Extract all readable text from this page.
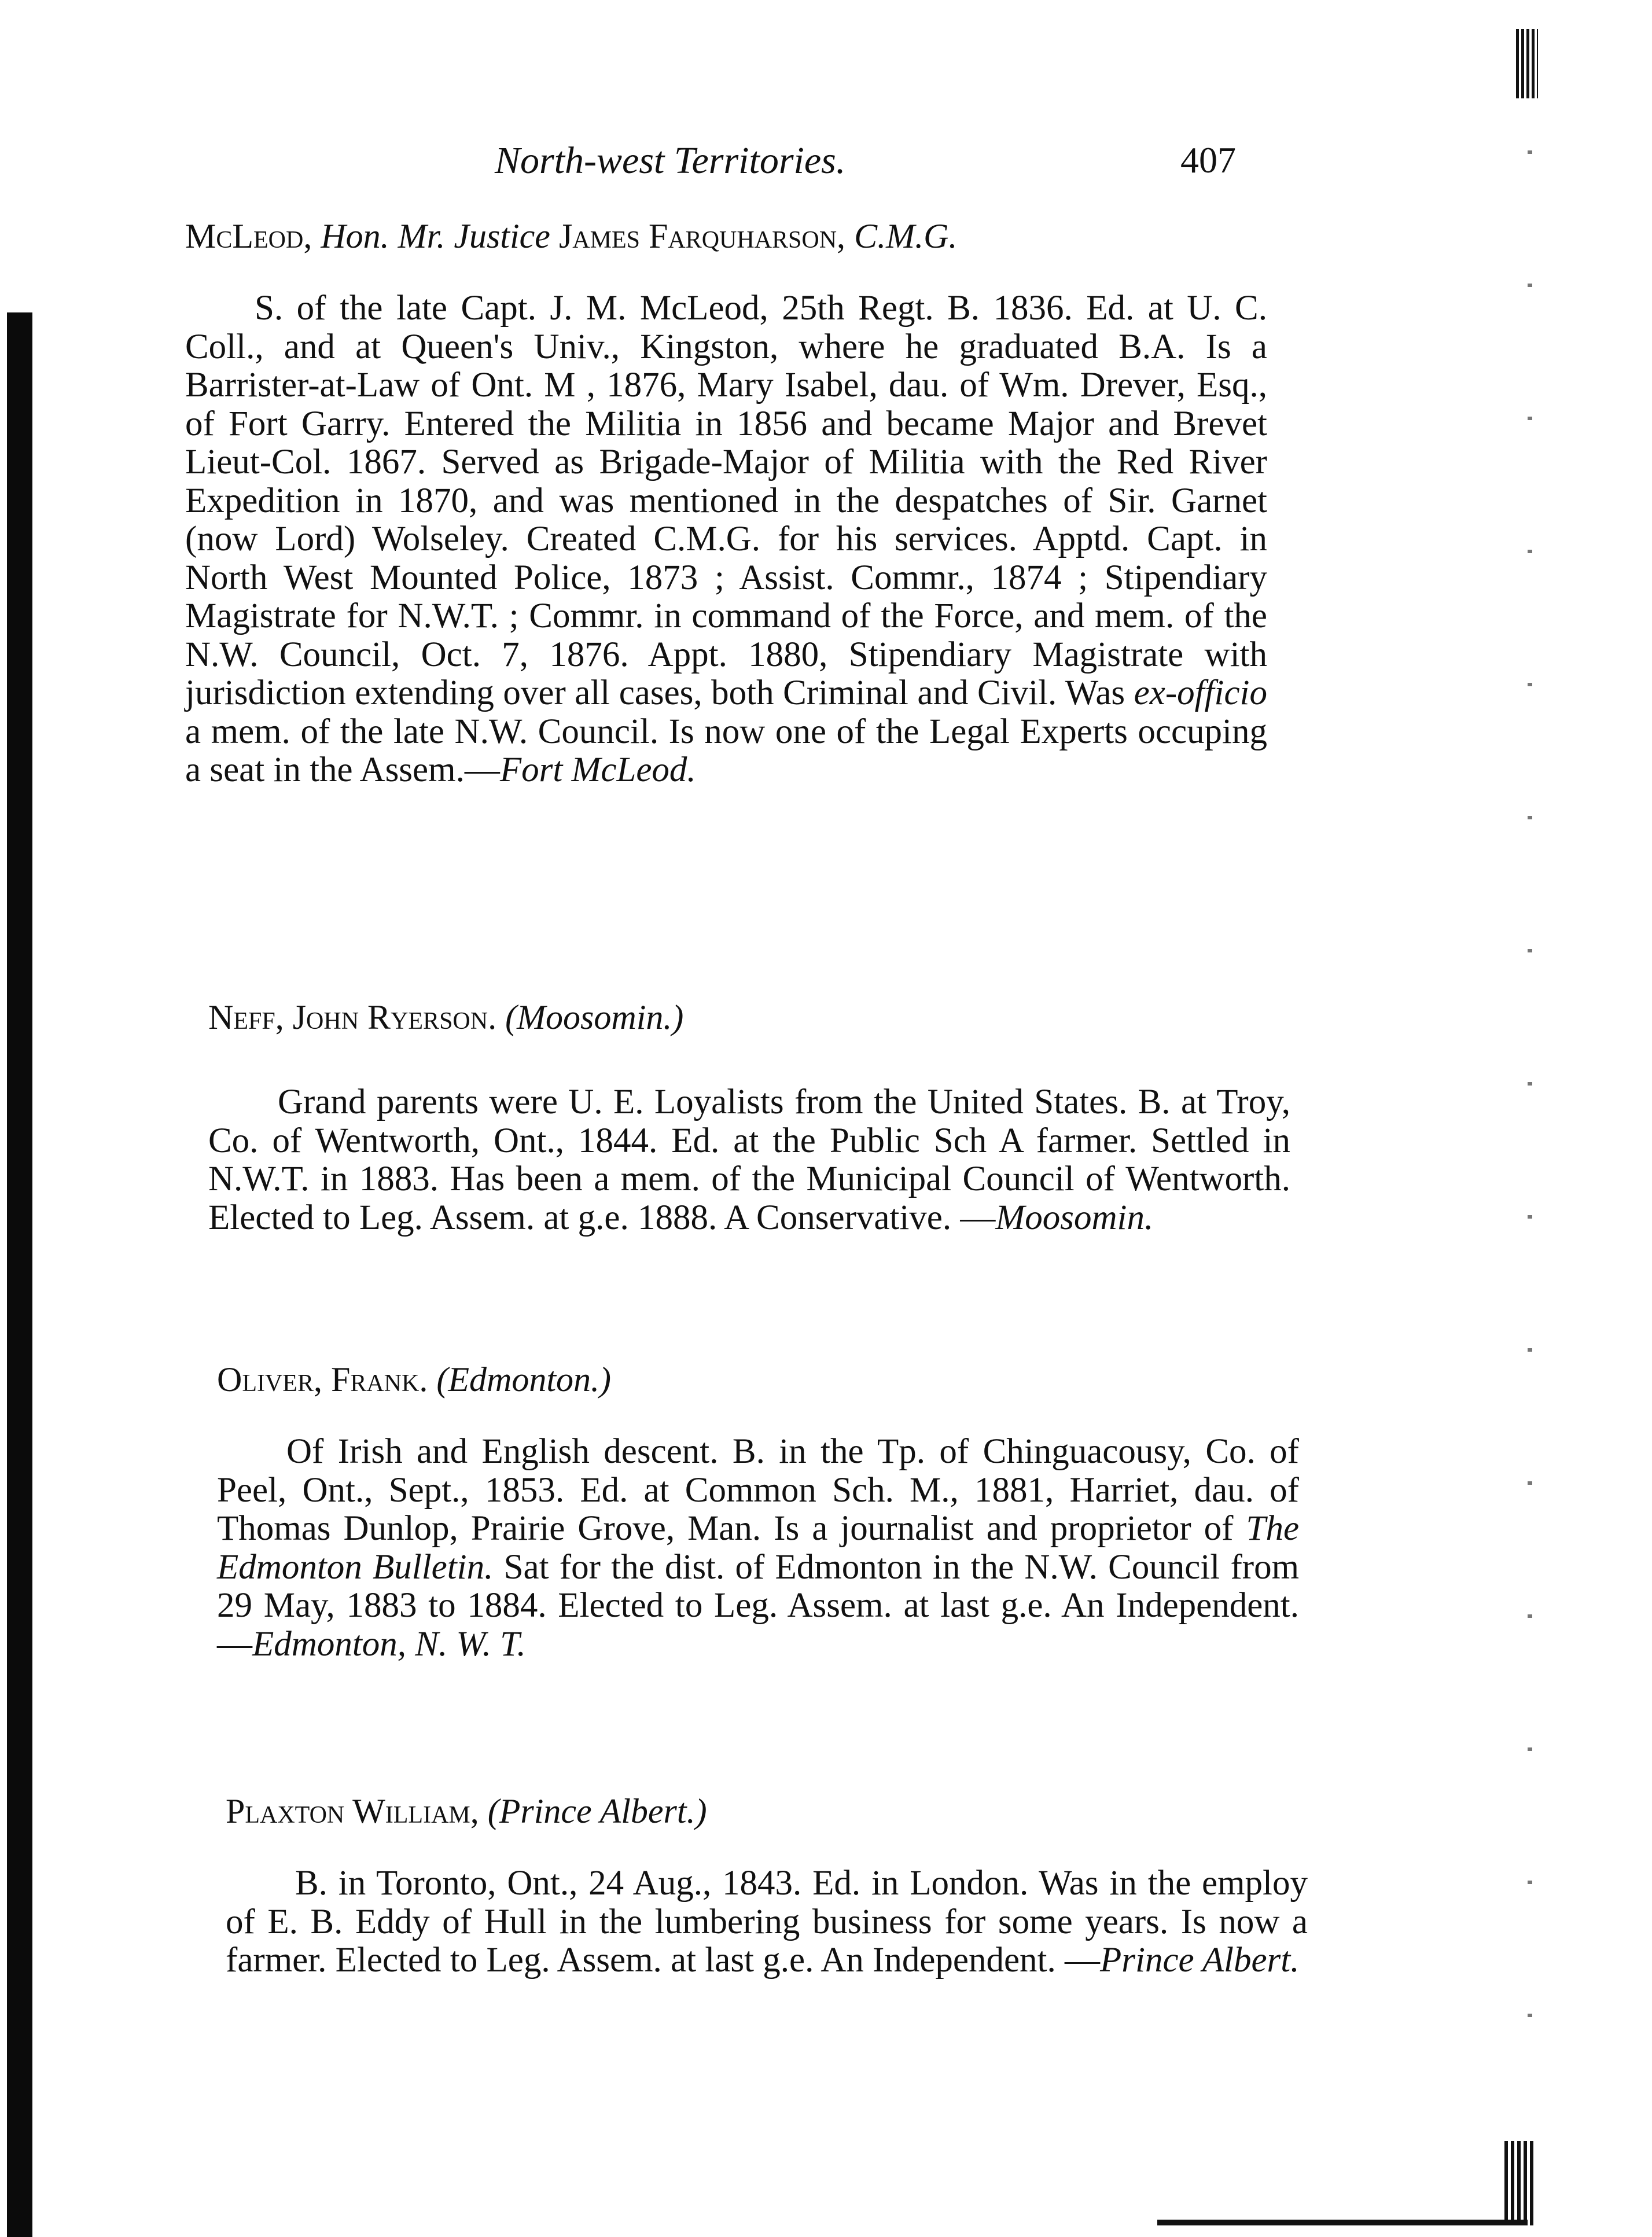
North-west Territories.	407
McLeod, Hon. Mr. Justice James Farquharson, C.M.G.
S. of the late Capt. J. M. McLeod, 25th Regt. B. 1836. Ed. at U. C. Coll., and at Queen's Univ., Kingston, where he graduated B.A. Is a Barrister-at-Law of Ont. M , 1876, Mary Isabel, dau. of Wm. Drever, Esq., of Fort Garry. Entered the Militia in 1856 and became Major and Brevet Lieut-Col. 1867. Served as Brigade-Major of Militia with the Red River Expedition in 1870, and was mentioned in the despatches of Sir. Garnet (now Lord) Wolseley. Created C.M.G. for his services. Apptd. Capt. in North West Mounted Police, 1873 ; Assist. Commr., 1874 ; Stipendiary Magistrate for N.W.T. ; Commr. in command of the Force, and mem. of the N.W. Council, Oct. 7, 1876. Appt. 1880, Stipendiary Magistrate with jurisdiction extending over all cases, both Criminal and Civil. Was ex-officio a mem. of the late N.W. Council. Is now one of the Legal Experts occuping a seat in the Assem.—Fort McLeod.
Neff, John Ryerson. (Moosomin.)
Grand parents were U. E. Loyalists from the United States. B. at Troy, Co. of Wentworth, Ont., 1844. Ed. at the Public Sch A farmer. Settled in N.W.T. in 1883. Has been a mem. of the Municipal Council of Wentworth. Elected to Leg. Assem. at g.e. 1888. A Conservative. —Moosomin.
Oliver, Frank. (Edmonton.)
Of Irish and English descent. B. in the Tp. of Chinguacousy, Co. of Peel, Ont., Sept., 1853. Ed. at Common Sch. M., 1881, Harriet, dau. of Thomas Dunlop, Prairie Grove, Man. Is a journalist and proprietor of The Edmonton Bulletin. Sat for the dist. of Edmonton in the N.W. Council from 29 May, 1883 to 1884. Elected to Leg. Assem. at last g.e. An Independent.—Edmonton, N. W. T.
Plaxton William, (Prince Albert.)
B. in Toronto, Ont., 24 Aug., 1843. Ed. in London. Was in the employ of E. B. Eddy of Hull in the lumbering business for some years. Is now a farmer. Elected to Leg. Assem. at last g.e. An Independent. —Prince Albert.
